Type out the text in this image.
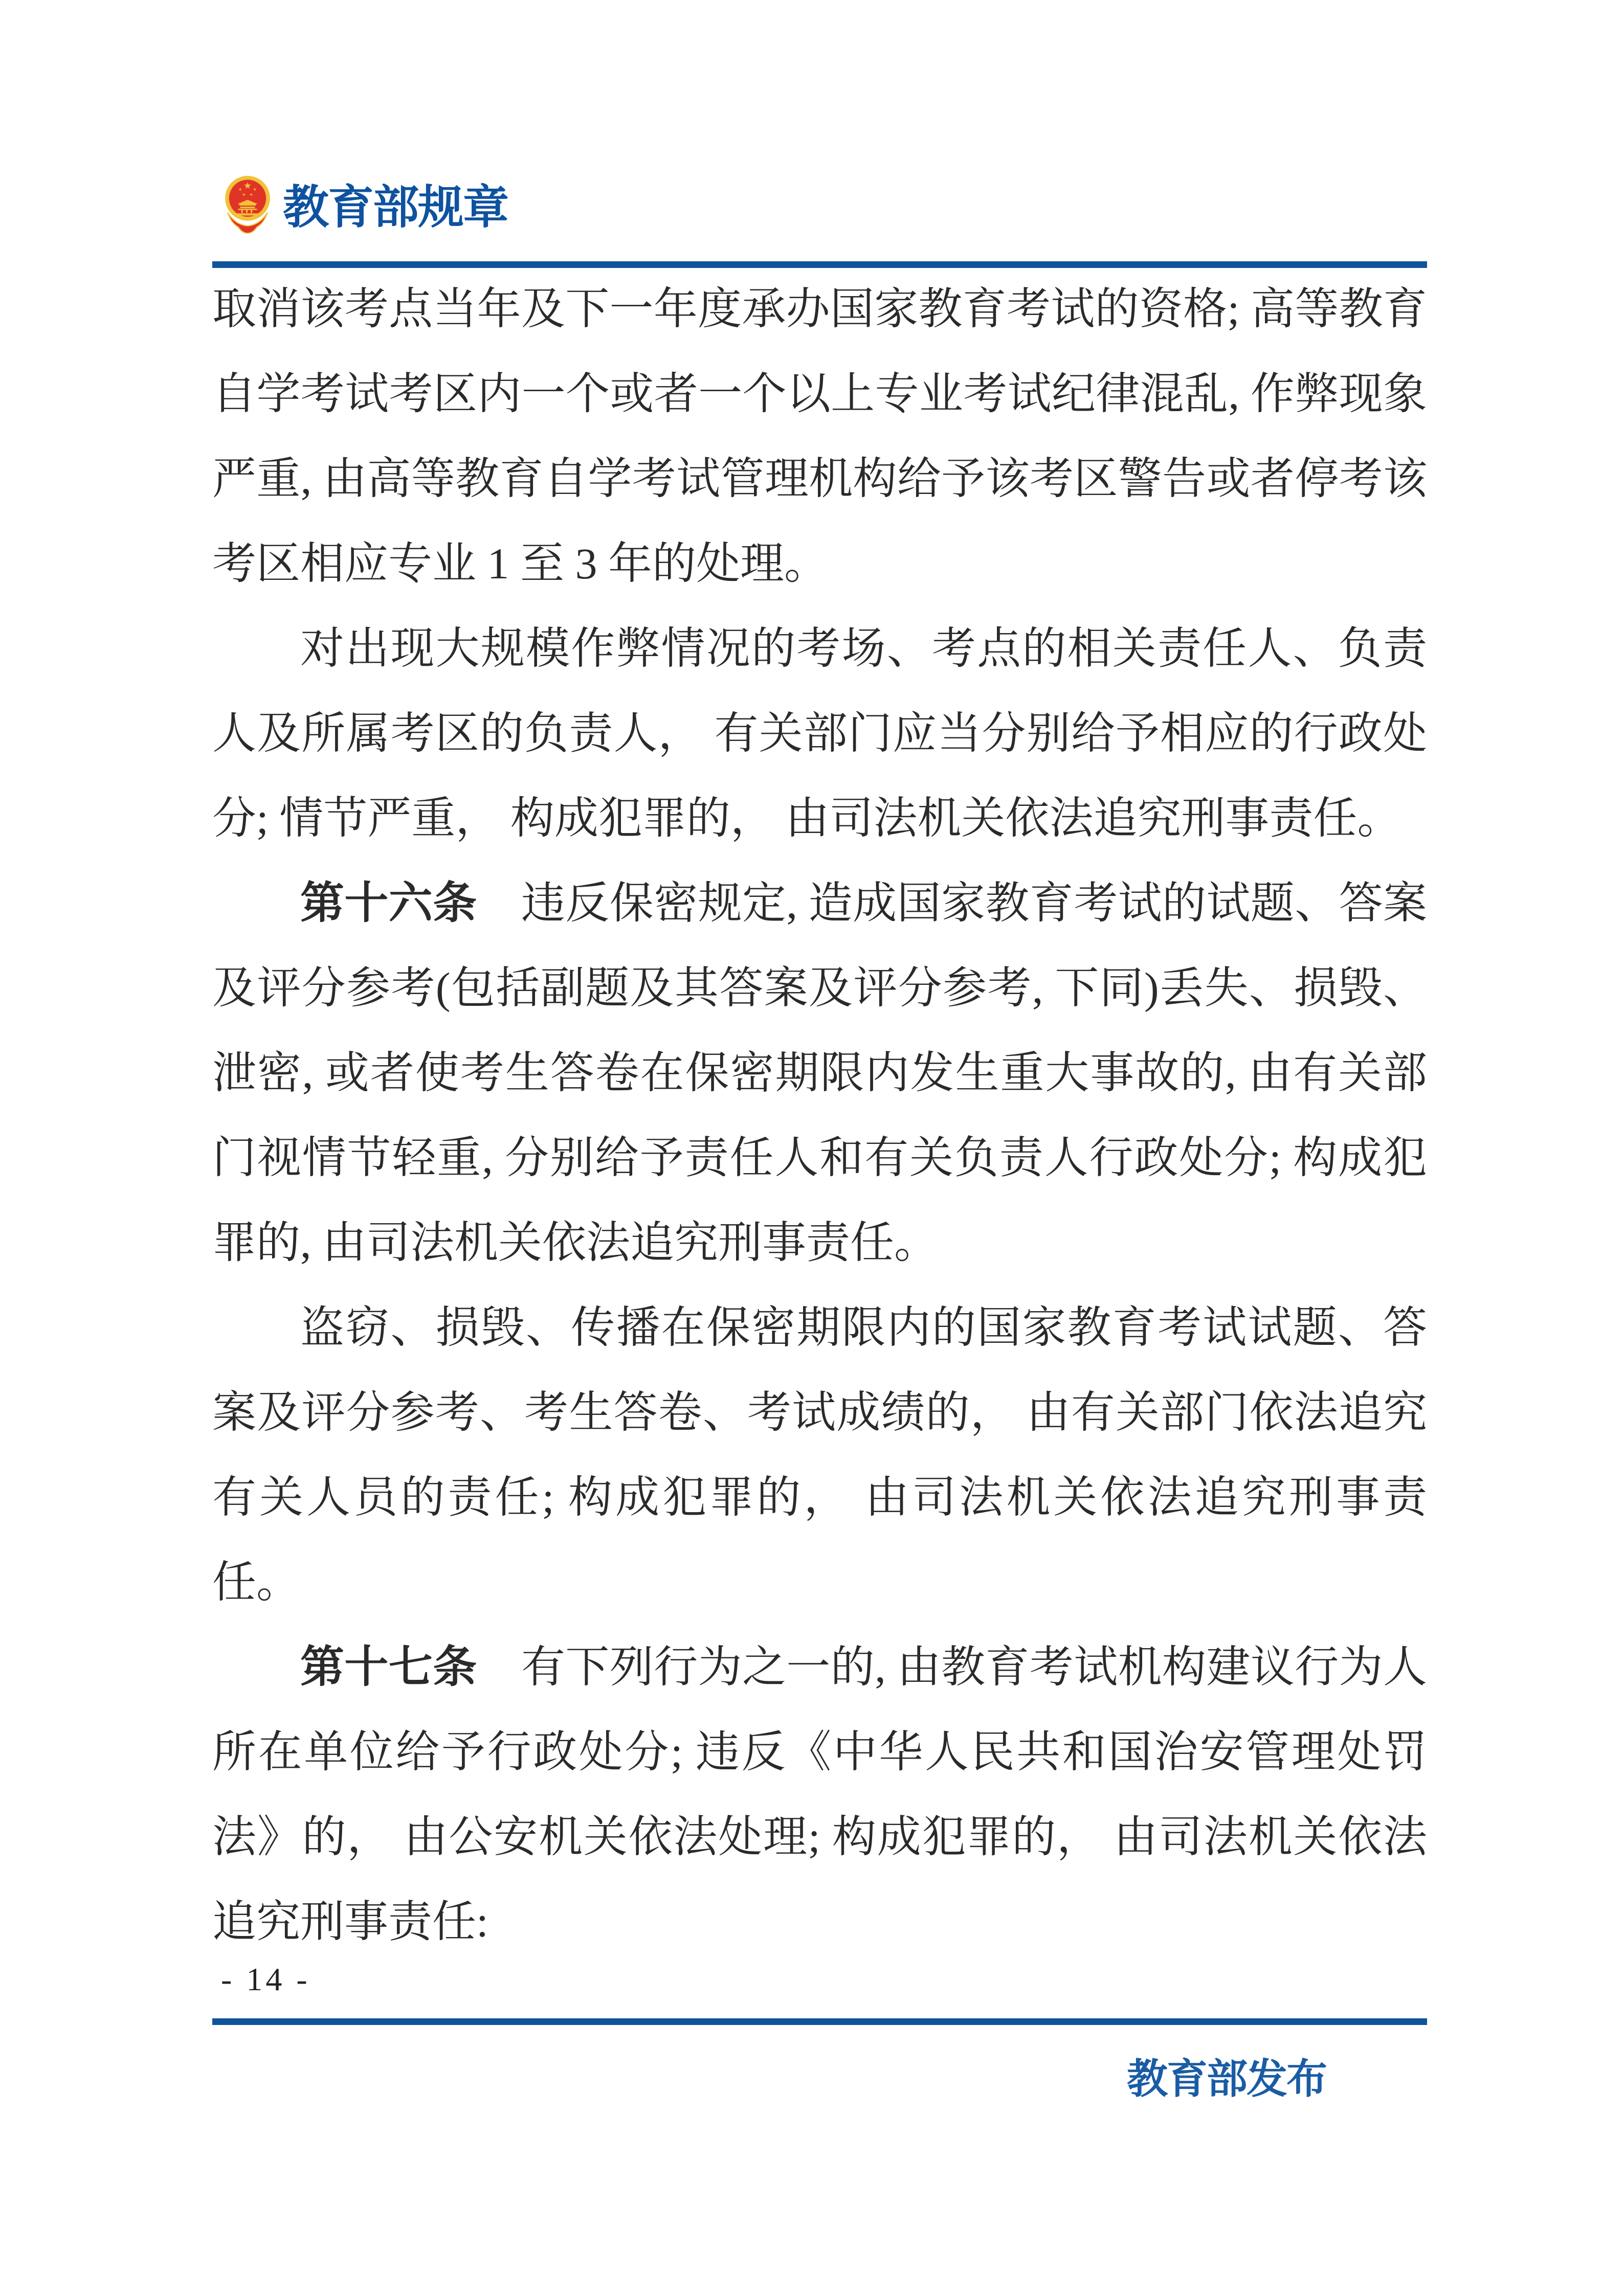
教育部规章

取消该考点当年及下一年度承办国家教育考试的资格; 高等教育自学考试考区内一个或者一个以上专业考试纪律混乱, 作弊现象严重, 由高等教育自学考试管理机构给予该考区警告或者停考该考区相应专业 1 至 3 年的处理。

对出现大规模作弊情况的考场、考点的相关责任人、负责人及所属考区的负责人， 有关部门应当分别给予相应的行政处分; 情节严重， 构成犯罪的， 由司法机关依法追究刑事责任。

第十六条　违反保密规定, 造成国家教育考试的试题、答案及评分参考(包括副题及其答案及评分参考, 下同)丢失、损毁、泄密, 或者使考生答卷在保密期限内发生重大事故的, 由有关部门视情节轻重, 分别给予责任人和有关负责人行政处分; 构成犯罪的, 由司法机关依法追究刑事责任。

盗窃、损毁、传播在保密期限内的国家教育考试试题、答案及评分参考、考生答卷、考试成绩的， 由有关部门依法追究有关人员的责任; 构成犯罪的， 由司法机关依法追究刑事责任。

第十七条　有下列行为之一的, 由教育考试机构建议行为人所在单位给予行政处分; 违反《中华人民共和国治安管理处罚法》的， 由公安机关依法处理; 构成犯罪的， 由司法机关依法追究刑事责任:

- 14 -
教育部发布
